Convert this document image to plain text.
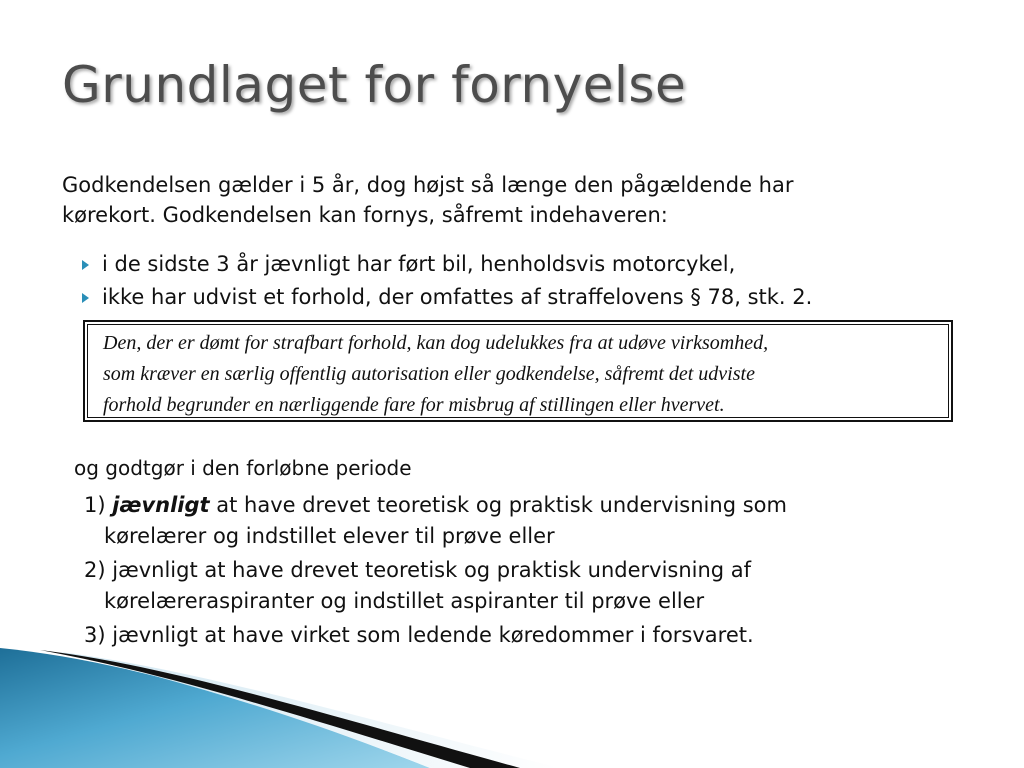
Grundlaget for fornyelse

Godkendelsen gælder i 5 år, dog højst så længe den pågældende har
kørekort. Godkendelsen kan fornys, såfremt indehaveren:

i de sidste 3 år jævnligt har ført bil, henholdsvis motorcykel,
ikke har udvist et forhold, der omfattes af straffelovens § 78, stk. 2.

Den, der er dømt for strafbart forhold, kan dog udelukkes fra at udøve virksomhed,
som kræver en særlig offentlig autorisation eller godkendelse, såfremt det udviste
forhold begrunder en nærliggende fare for misbrug af stillingen eller hvervet.

og godtgør i den forløbne periode

1) jævnligt at have drevet teoretisk og praktisk undervisning som
kørelærer og indstillet elever til prøve eller
2) jævnligt at have drevet teoretisk og praktisk undervisning af
kørelæreraspiranter og indstillet aspiranter til prøve eller
3) jævnligt at have virket som ledende køredommer i forsvaret.
